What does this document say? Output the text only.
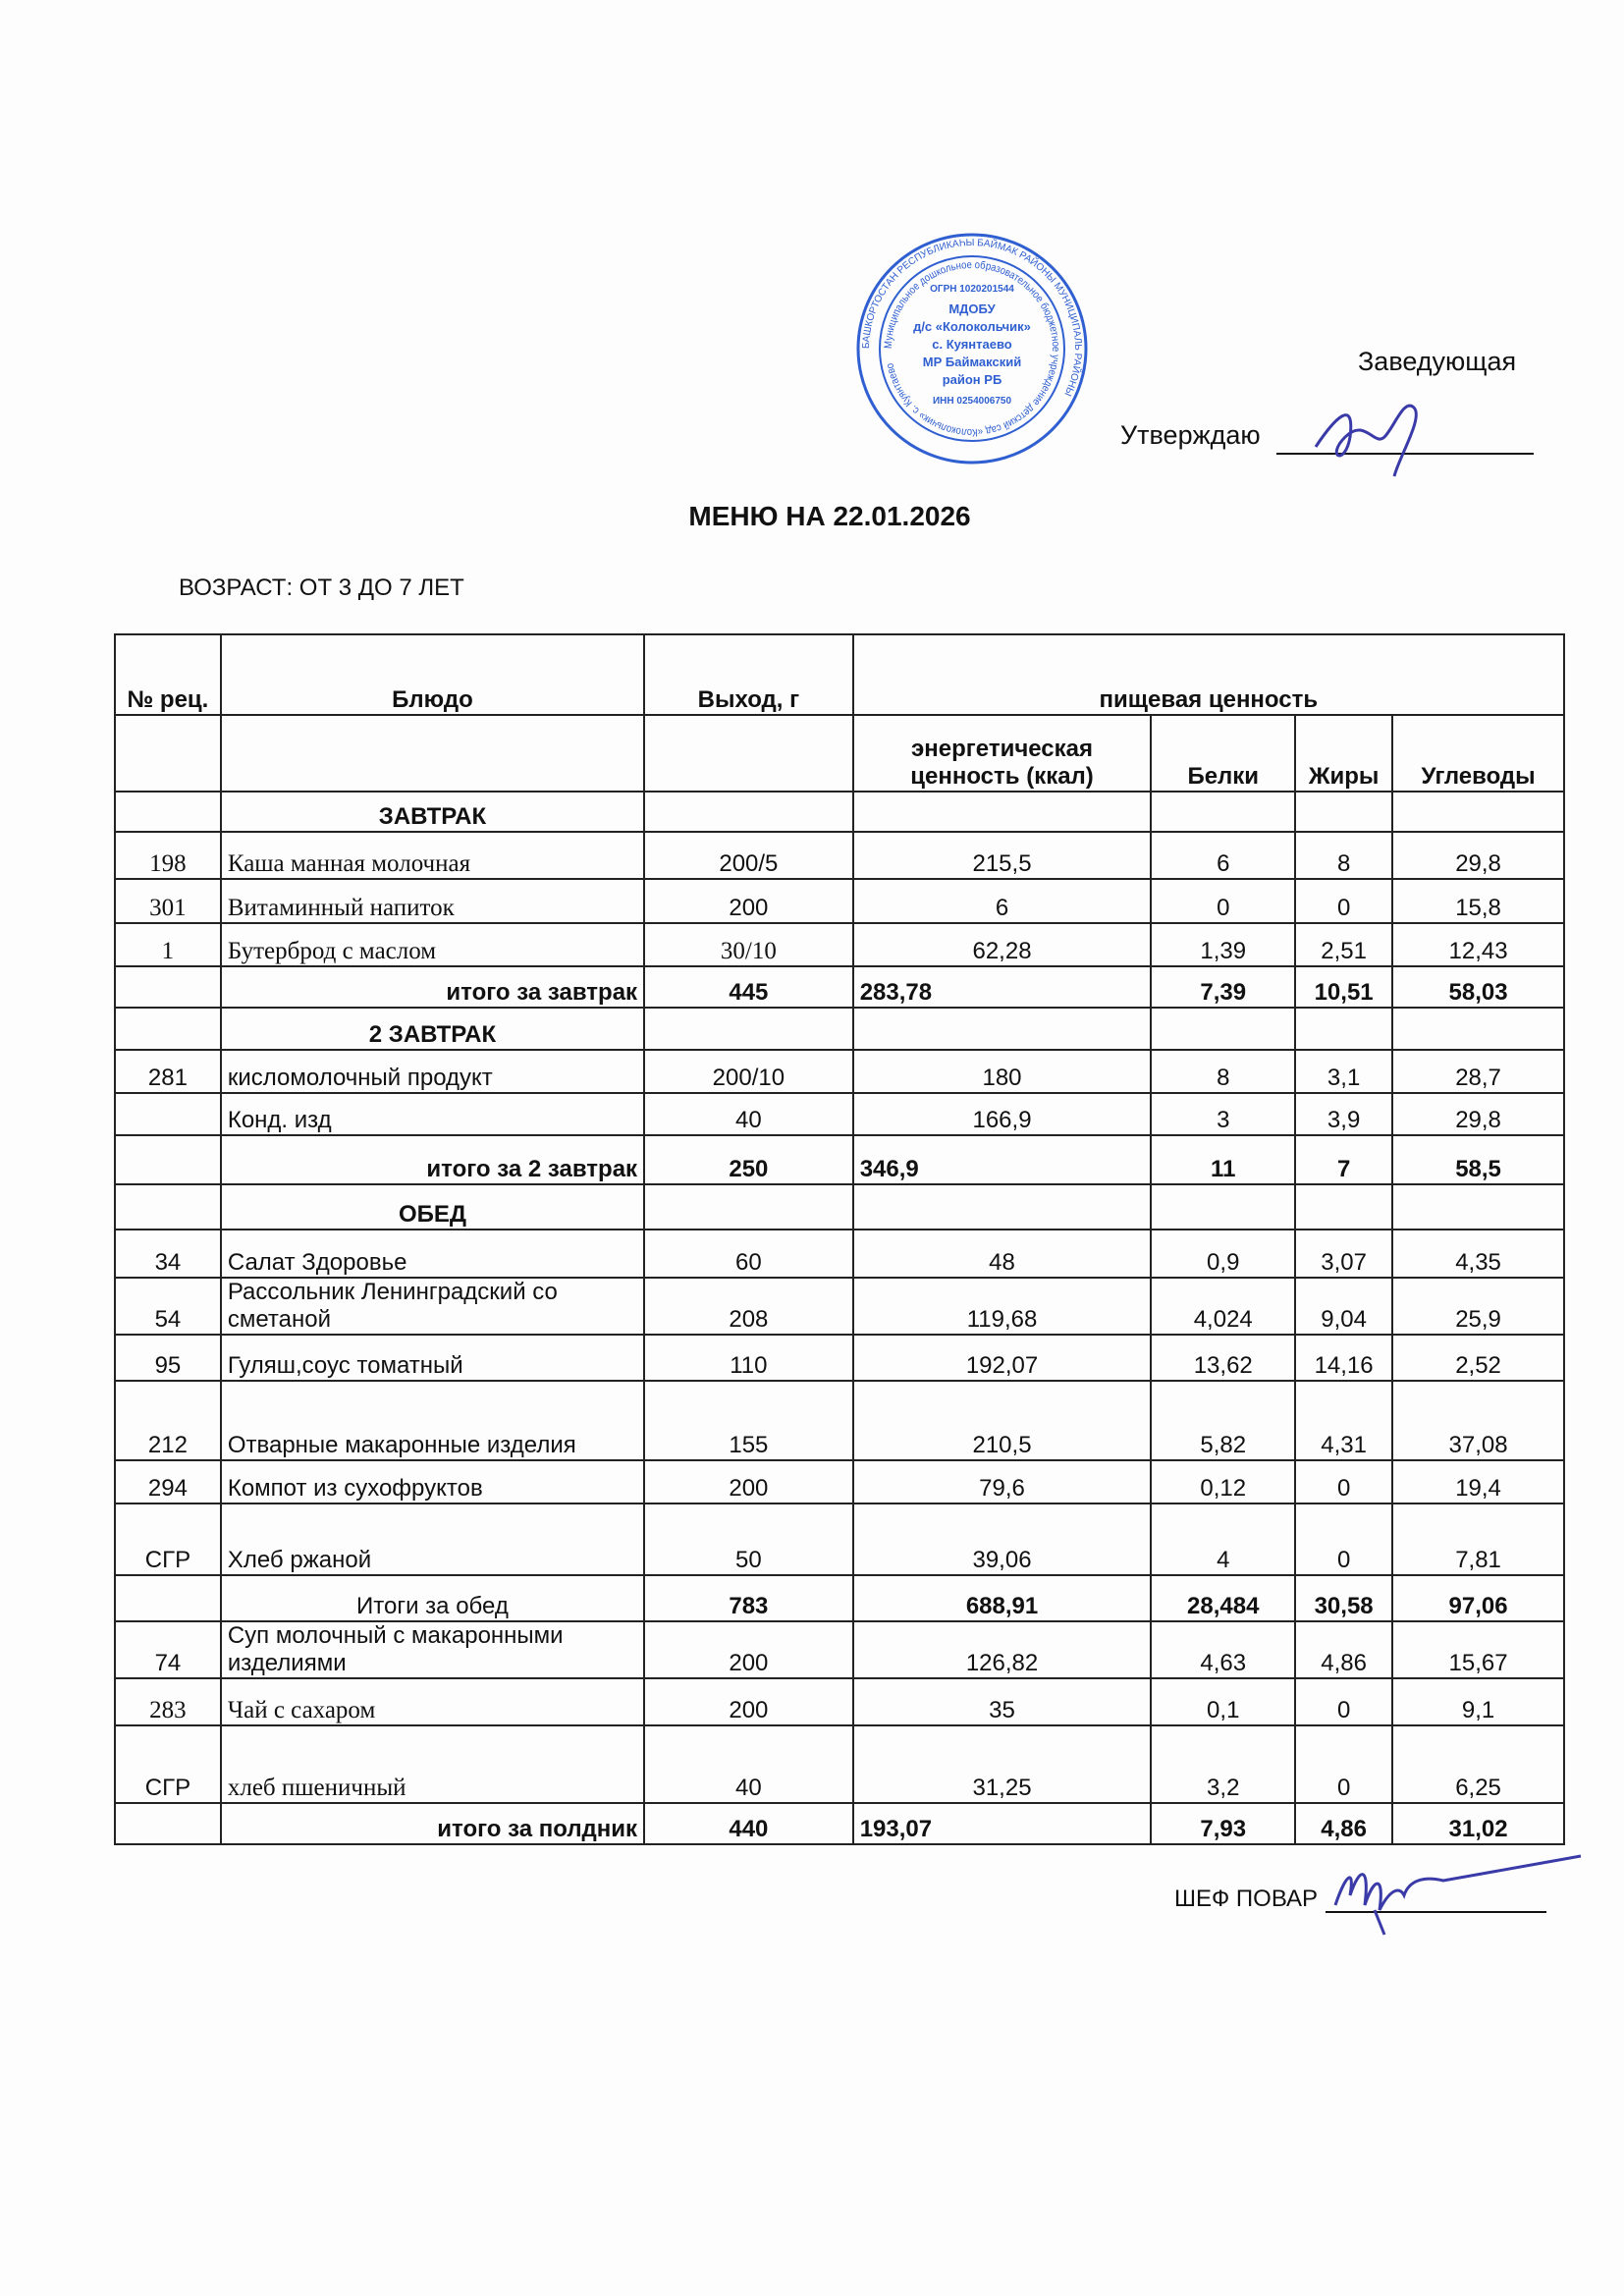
БАШКОРТОСТАН РЕСПУБЛИКАҺЫ БАЙМАК РАЙОНЫ МУНИЦИПАЛЬ РАЙОНЫ
Муниципальное дошкольное образовательное бюджетное учреждение детский сад «Колокольчик» с. Куянтаево
ОГРН 1020201544
МДОБУ
д/с «Колокольчик»
с. Куянтаево
МР Баймакский
район РБ
ИНН 0254006750
Заведующая
Утверждаю
МЕНЮ НА 22.01.2026
ВОЗРАСТ: ОТ 3 ДО 7 ЛЕТ
№ рец.	Блюдо	Выход, г	пищевая ценность			
			энергетическая ценность (ккал)	Белки	Жиры	Углеводы
	ЗАВТРАК					
198	Каша манная молочная	200/5	215,5	6	8	29,8
301	Витаминный напиток	200	6	0	0	15,8
1	Бутерброд с маслом	30/10	62,28	1,39	2,51	12,43
	итого за завтрак	445	283,78	7,39	10,51	58,03
	2 ЗАВТРАК					
281	кисломолочный продукт	200/10	180	8	3,1	28,7
	Конд. изд	40	166,9	3	3,9	29,8
	итого за 2 завтрак	250	346,9	11	7	58,5
	ОБЕД					
34	Салат Здоровье	60	48	0,9	3,07	4,35
54	Рассольник Ленинградский со сметаной	208	119,68	4,024	9,04	25,9
95	Гуляш,соус томатный	110	192,07	13,62	14,16	2,52
212	Отварные макаронные изделия	155	210,5	5,82	4,31	37,08
294	Компот из сухофруктов	200	79,6	0,12	0	19,4
СГР	Хлеб ржаной	50	39,06	4	0	7,81
	Итоги за обед	783	688,91	28,484	30,58	97,06
74	Суп молочный с макаронными изделиями	200	126,82	4,63	4,86	15,67
283	Чай с сахаром	200	35	0,1	0	9,1
СГР	хлеб пшеничный	40	31,25	3,2	0	6,25
	итого за полдник	440	193,07	7,93	4,86	31,02
ШЕФ ПОВАР
